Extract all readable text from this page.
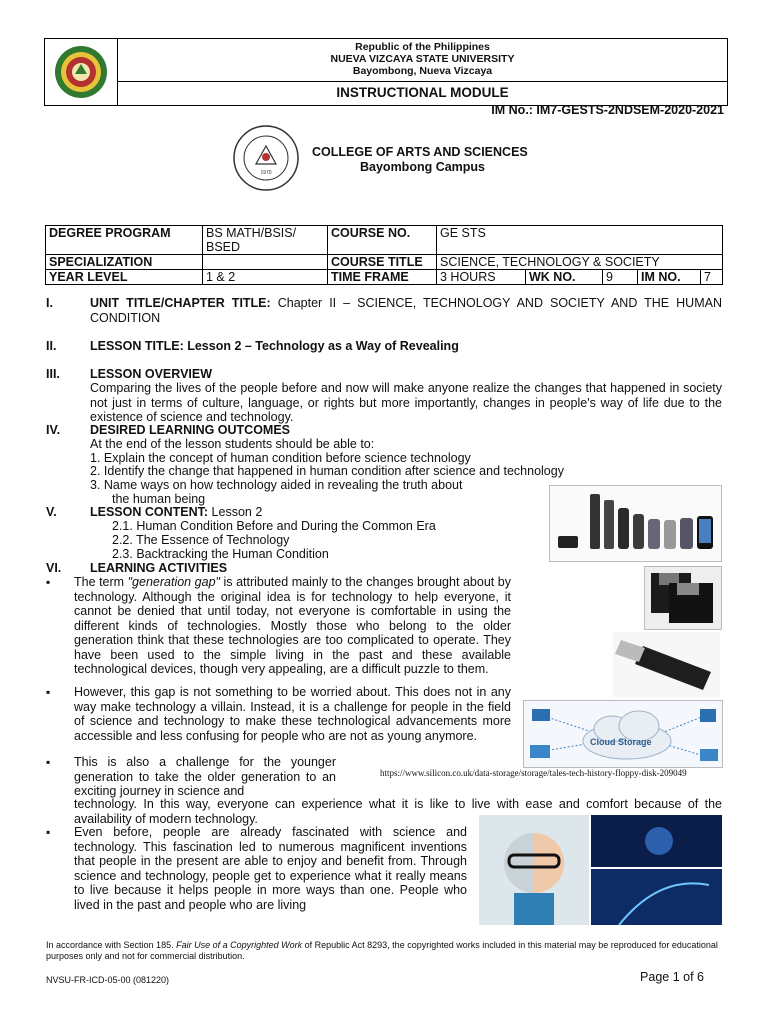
Republic of the Philippines
NUEVA VIZCAYA STATE UNIVERSITY
Bayombong, Nueva Vizcaya
INSTRUCTIONAL MODULE
IM No.: IM7-GESTS-2NDSEM-2020-2021
1970
COLLEGE OF ARTS AND SCIENCES
Bayombong Campus
DEGREE PROGRAM	BS MATH/BSIS/ BSED	COURSE NO.	GE STS				
SPECIALIZATION		COURSE TITLE	SCIENCE, TECHNOLOGY & SOCIETY				
YEAR LEVEL	1 & 2	TIME FRAME	3 HOURS	WK NO.	9	IM NO.	7
I.	UNIT TITLE/CHAPTER TITLE: Chapter II – SCIENCE, TECHNOLOGY AND SOCIETY AND THE HUMAN CONDITION
II.	LESSON TITLE: Lesson 2 – Technology as a Way of Revealing
III. LESSON OVERVIEW
Comparing the lives of the people before and now will make anyone realize the changes that happened in society not just in terms of culture, language, or rights but more importantly, changes in people's way of life due to the existence of science and technology.
IV. DESIRED LEARNING OUTCOMES
At the end of the lesson students should be able to:
1. Explain the concept of human condition before science technology
2. Identify the change that happened in human condition after science and technology
3. Name ways on how technology aided in revealing the truth about
the human being
V.	LESSON CONTENT: Lesson 2
2.1. Human Condition Before and During the Common Era
2.2. The Essence of Technology
2.3. Backtracking the Human Condition
VI. LEARNING ACTIVITIES
▪ The term "generation gap" is attributed mainly to the changes brought about by technology. Although the original idea is for technology to help everyone, it cannot be denied that until today, not everyone is comfortable in using the different kinds of technologies. Mostly those who belong to the older generation think that these technologies are too complicated to operate. They have been used to the simple living in the past and these available technological devices, though very appealing, are a difficult puzzle to them.
▪ However, this gap is not something to be worried about. This does not in any way make technology a villain. Instead, it is a challenge for people in the field of science and technology to make these technological advancements more accessible and less confusing for people who are not as young anymore.
▪ This is also a challenge for the younger generation to take the older generation to an exciting journey in science and
technology. In this way, everyone can experience what it is like to live with ease and comfort because of the availability of modern technology.
▪ Even before, people are already fascinated with science and technology. This fascination led to numerous magnificent inventions that people in the present are able to enjoy and benefit from. Through science and technology, people get to experience what it really means to live because it helps people in more ways than one. People who lived in the past and people who are living
Cloud Storage
https://www.silicon.co.uk/data-storage/storage/tales-tech-history-floppy-disk-209049
In accordance with Section 185. Fair Use of a Copyrighted Work of Republic Act 8293, the copyrighted works included in this material may be reproduced for educational purposes only and not for commercial distribution.
NVSU-FR-ICD-05-00 (081220)	Page 1 of 6
